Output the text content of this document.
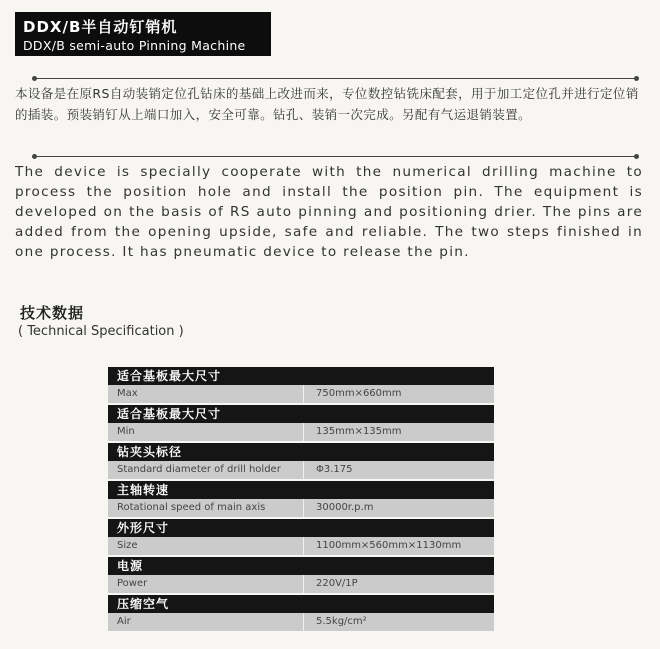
DDX/B半自动钉销机
DDX/B semi-auto Pinning Machine
本设备是在原RS自动装销定位孔钻床的基础上改进而来，专位数控钻铣床配套，用于加工定位孔并进行定位销的插装。预装销钉从上端口加入，安全可靠。钻孔、装销一次完成。另配有气运退销装置。
The device is specially cooperate with the numerical drilling machine to process the position hole and install the position pin. The equipment is developed on the basis of RS auto pinning and positioning drier. The pins are added from the opening upside, safe and reliable. The two steps finished in one process. It has pneumatic device to release the pin.
技术数据
( Technical Specification )
适合基板最大尺寸
Max	750mm×660mm
适合基板最大尺寸
Min	135mm×135mm
钻夹头标径
Standard diameter of drill holder	Φ3.175
主轴转速
Rotational speed of main axis	30000r.p.m
外形尺寸
Size	1100mm×560mm×1130mm
电源
Power	220V/1P
压缩空气
Air	5.5kg/cm²
